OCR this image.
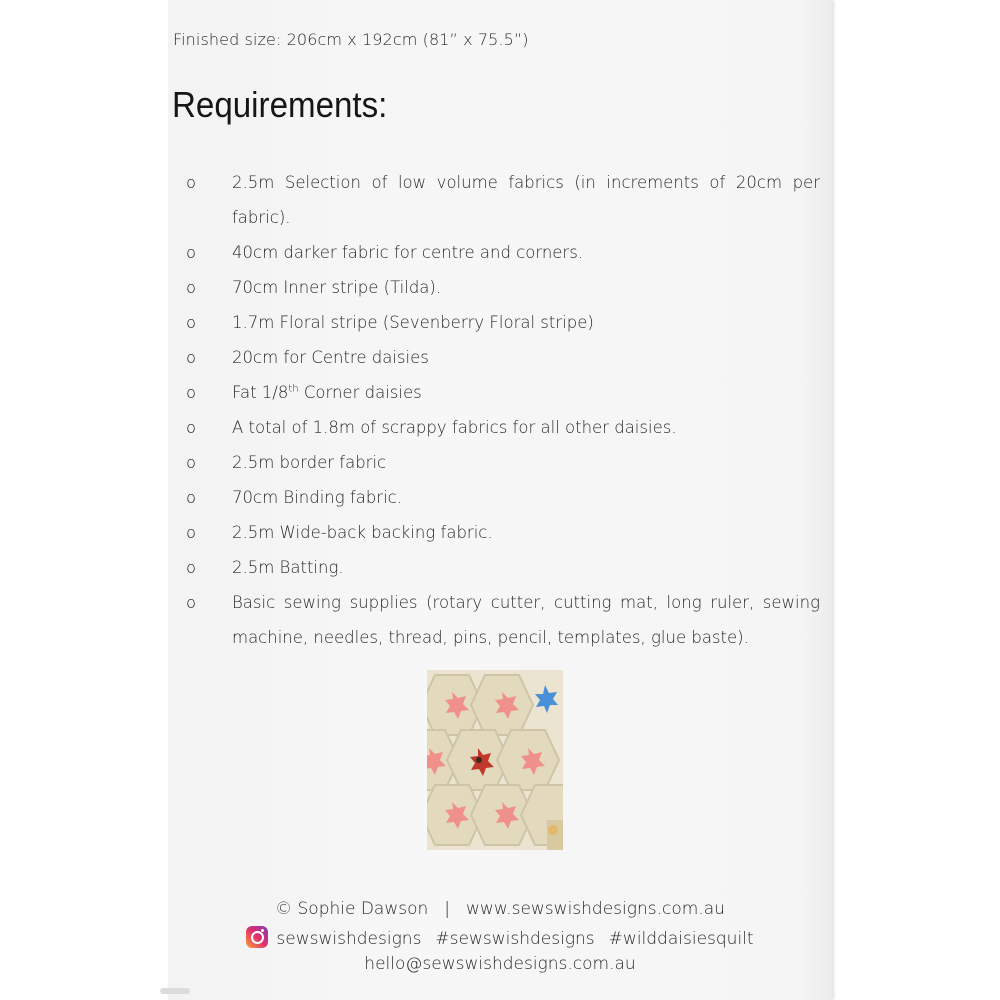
Finished size: 206cm x 192cm (81” x 75.5”)
Requirements:
o 2.5m Selection of low volume fabrics (in increments of 20cm per fabric).
o 40cm darker fabric for centre and corners.
o 70cm Inner stripe (Tilda).
o 1.7m Floral stripe (Sevenberry Floral stripe)
o 20cm for Centre daisies
o Fat 1/8th Corner daisies
o A total of 1.8m of scrappy fabrics for all other daisies.
o 2.5m border fabric
o 70cm Binding fabric.
o 2.5m Wide-back backing fabric.
o 2.5m Batting.
o Basic sewing supplies (rotary cutter, cutting mat, long ruler, sewing machine, needles, thread, pins, pencil, templates, glue baste).
© Sophie Dawson | www.sewswishdesigns.com.au
sewswishdesigns #sewswishdesigns #wilddaisiesquilt
hello@sewswishdesigns.com.au
